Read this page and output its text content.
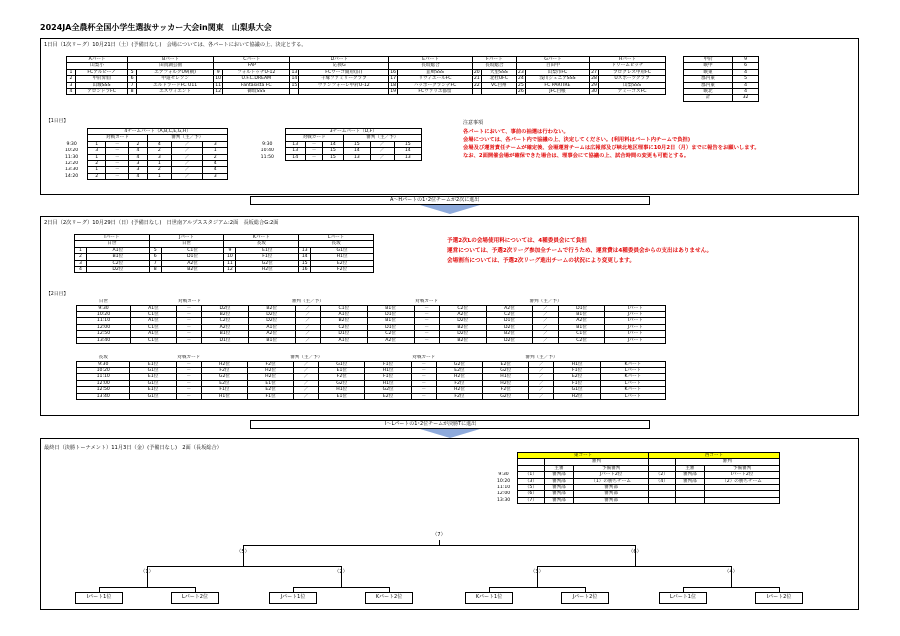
2024JA全農杯全国小学生選抜サッカー大会in関東　山梨県大会
1日目（1次リーグ）10月21日（土）(予備日なし)　会場については、各パートにおいて協議の上、決定とする。
Aパート		Bパート		Cパート		Dパート		Eパート		Fパート		Gパート		Hパート	
山梨小		田貫湖公園		FAP		応援G		長坂総合		長坂総合		百田中		ドリームピッチ	
1	FCアルピーノ	5	エアフォルクU9(朝)	9	フォルトゥナU-12	13	FCウーゴ開府(旧)	16	韮崎SSS	20	大里SSS	23	山梨市FC	27	プログレス甲府FC
2	甲府昇仙	6	中道セレソン	10	U.F.C.DREAM	14	千塚ファミリークラブ	17	リヴィエールFC	21	北杜UFC	24	浅川ジュニアSSS	28	Uスポーツクラブ
3	山城SSS	7	エルドラードFC U11	11	Fantasista FC	15	ヴァンフォーレ甲府U-12	18	ハッポーグランデFC	22	VC白州	25	FC PARTIRE	29	山梨SSS
4	アロンドラFC	8	エスウィエント	12	御坂SSS			19	FCヴァリエ都留			26	JFC白根	30	アミーゴスFC
甲府	9
峡中	6
峡東	4
郡内東	5
郡内東	4
峡北	4
計	32
【1日目】
	4チームパート（A,B,C,E,G,H）					
	対戦カード			審判（主／予）		
9:30	1	－	2	4	／	3
10:20	3	－	4	2	／	1
11:30	1	－	4	3	／	2
12:20	2	－	3	1	／	4
13:30	1	－	3	2	／	4
14:20	2	－	4	1	／	3
	3チームパート（D,F）					
	対戦カード			審判（主／予）		
9:30	13	－	14	15	／	15
10:40	13	－	15	14	／	14
11:50	14	－	15	13	／	13
注意事項
各パートにおいて、事前の抽選は行わない。
会場については、各パート内で協議の上、決定してください。(利用料はパート内チームで負担)
会場及び運営責任チームが確定後、会場運営チームは広報部及び峡北地区理事に10月2日（月）までに報告をお願いします。
なお、2面開催会場が確保できた場合は、理事会にて協議の上、試合時間の変更も可能とする。
A～Hパートの1･2位チームが2次に進出
2日目（2次リーグ）10月29日（日）(予備日なし)　日世南アルプススタジアム:2面　長坂総合G:2面
Iパート		Jパート		Kパート		Lパート	
日世		日世		長坂		長坂	
1	A1位	5	C1位	9	E1位	13	G1位
2	B1位	6	D1位	10	F1位	14	H1位
3	C2位	7	A2位	11	G2位	15	E2位
4	D2位	8	B2位	12	H2位	16	F2位
予選2次Lの会場使用料については、4種委員会にて負担
運営については、予選2次リーグ参加全チームで行うため、運営費は4種委員会からの支出はありません。
会場割当については、予選2次リーグ進出チームの状況により変更します。
【2日目】
日世	対戦カード			審判（主／予）			対戦カード			審判（主／予）			
9:30	A1位	－	D2位	B2位	／	C1位	B1位	－	C2位	A2位	／	D1位	Iパート
10:20	C1位	－	B2位	D2位	／	A1位	D1位	－	A2位	C2位	／	B1位	Jパート
11:10	A1位	－	C2位	D2位	／	B2位	B1位	－	D2位	D1位	／	A2位	Iパート
12:00	C1位	－	A2位	A1位	／	C2位	D1位	－	B2位	D2位	／	B1位	Jパート
12:50	A1位	－	B1位	A2位	／	D1位	C2位	－	D2位	B2位	／	C1位	Iパート
13:40	C1位	－	D1位	B1位	／	A1位	A2位	－	B2位	D2位	／	C2位	Jパート
長坂	対戦カード			審判（主／予）			対戦カード			審判（主／予）			
9:30	E1位	－	H2位	F2位	／	G1位	F1位	－	G2位	E2位	／	H1位	Kパート
10:20	G1位	－	F2位	H2位	／	E1位	H1位	－	E2位	G2位	／	F1位	Lパート
11:10	E1位	－	G2位	H2位	／	F2位	F1位	－	H2位	H1位	／	E2位	Kパート
12:00	G1位	－	E2位	E1位	／	G2位	H1位	－	F2位	H2位	／	F1位	Lパート
12:50	E1位	－	F1位	E2位	／	H1位	G2位	－	H2位	F2位	／	G1位	Kパート
13:40	G1位	－	H1位	F1位	／	E1位	E2位	－	F2位	G2位	／	H2位	Lパート
I～Lパートの1･2位チームが決勝Tに進出
最終日（決勝トーナメント）11月3日（金）(予備日なし)　2面（長坂総合）
	東コート			西コート		
		審判			審判	
		主審	予備審判		主審	予備審判
9:30	（1）	審判部	Jパート2位	（2）	審判部	Iパート2位
10:20	（3）	審判部	（1）の勝ちチーム	（4）	審判部	（2）の勝ちチーム
11:10	（5）	審判部	審判部			
12:00	（6）	審判部	審判部			
13:30	（7）	審判部	審判部			
（7）
（5）	（6）
（1）	（2）	（3）	（4）
Iパート1位	Lパート2位	Jパート1位	Kパート2位	Kパート1位	Jパート2位	Lパート1位	Iパート2位
